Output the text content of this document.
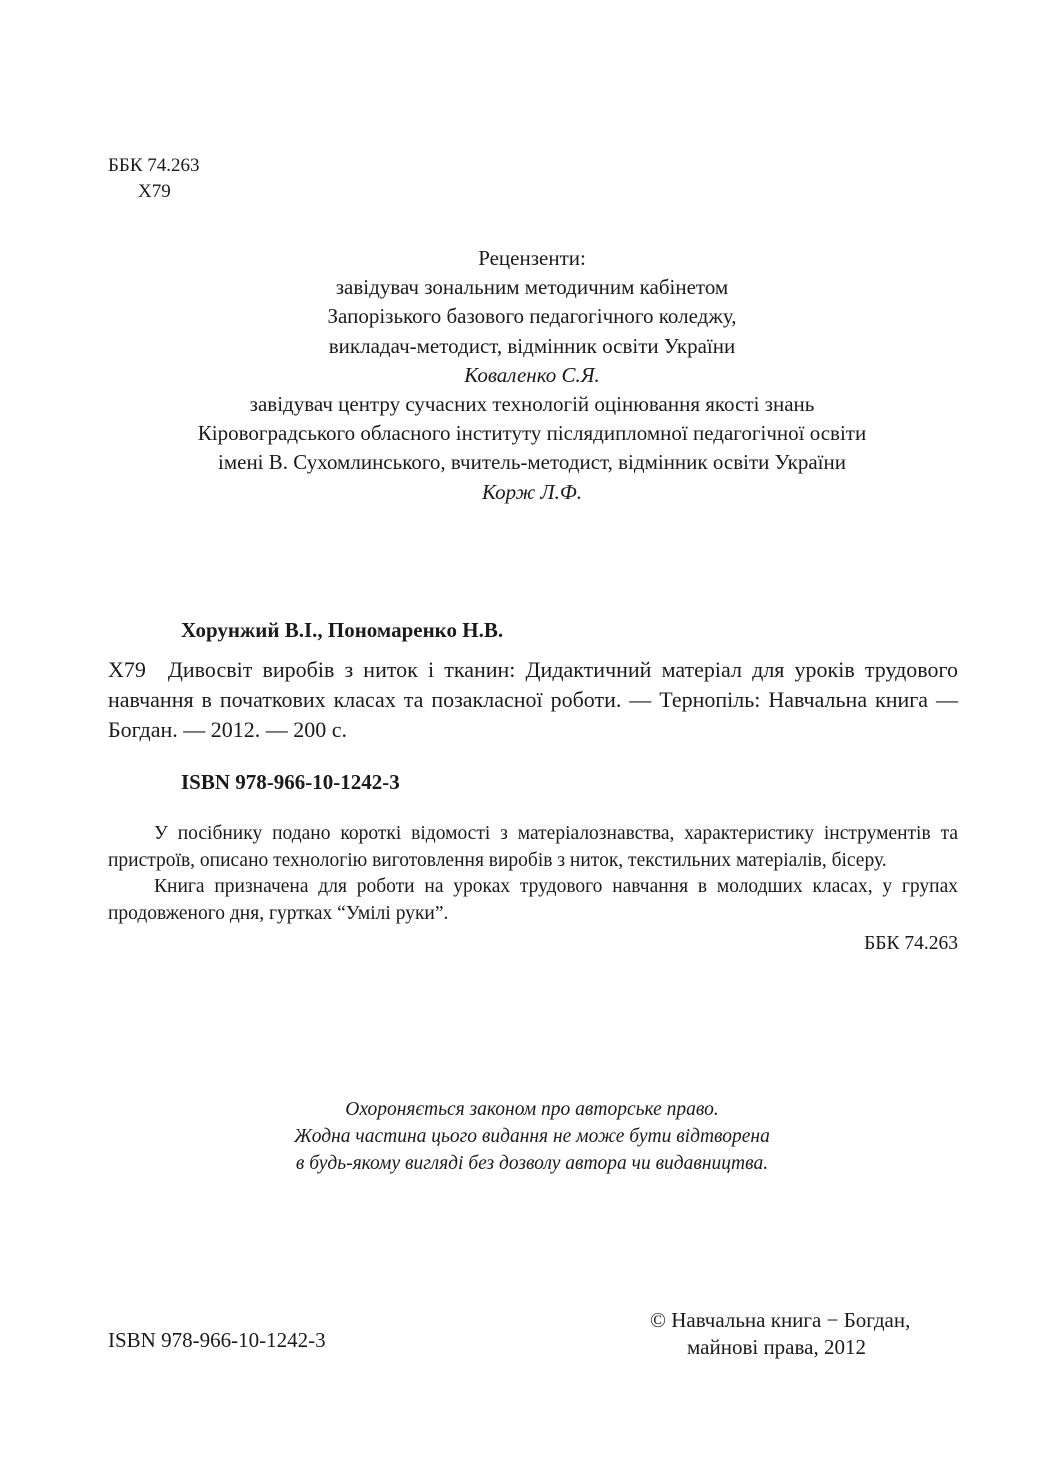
ББК 74.263
Х79
Рецензенти:
завідувач зональним методичним кабінетом
Запорізького базового педагогічного коледжу,
викладач-методист, відмінник освіти України
Коваленко С.Я.
завідувач центру сучасних технологій оцінювання якості знань
Кіровоградського обласного інституту післядипломної педагогічної освіти
імені В. Сухомлинського, вчитель-методист, відмінник освіти України
Корж Л.Ф.
Хорунжий В.І., Пономаренко Н.В.
Х79 Дивосвіт виробів з ниток і тканин: Дидактичний матеріал для уроків трудового навчання в початкових класах та позакласної роботи. — Тернопіль: Навчальна книга — Богдан. — 2012. — 200 с.
ISBN 978-966-10-1242-3

У посібнику подано короткі відомості з матеріалознавства, характеристику інструментів та пристроїв, описано технологію виготовлення виробів з ниток, текстильних матеріалів, бісеру.

Книга призначена для роботи на уроках трудового навчання в молодших класах, у групах продовженого дня, гуртках “Умілі руки”.

ББК 74.263

Охороняється законом про авторське право.
Жодна частина цього видання не може бути відтворена
в будь-якому вигляді без дозволу автора чи видавництва.
ISBN 978-966-10-1242-3
© Навчальна книга − Богдан,
майнові права, 2012
